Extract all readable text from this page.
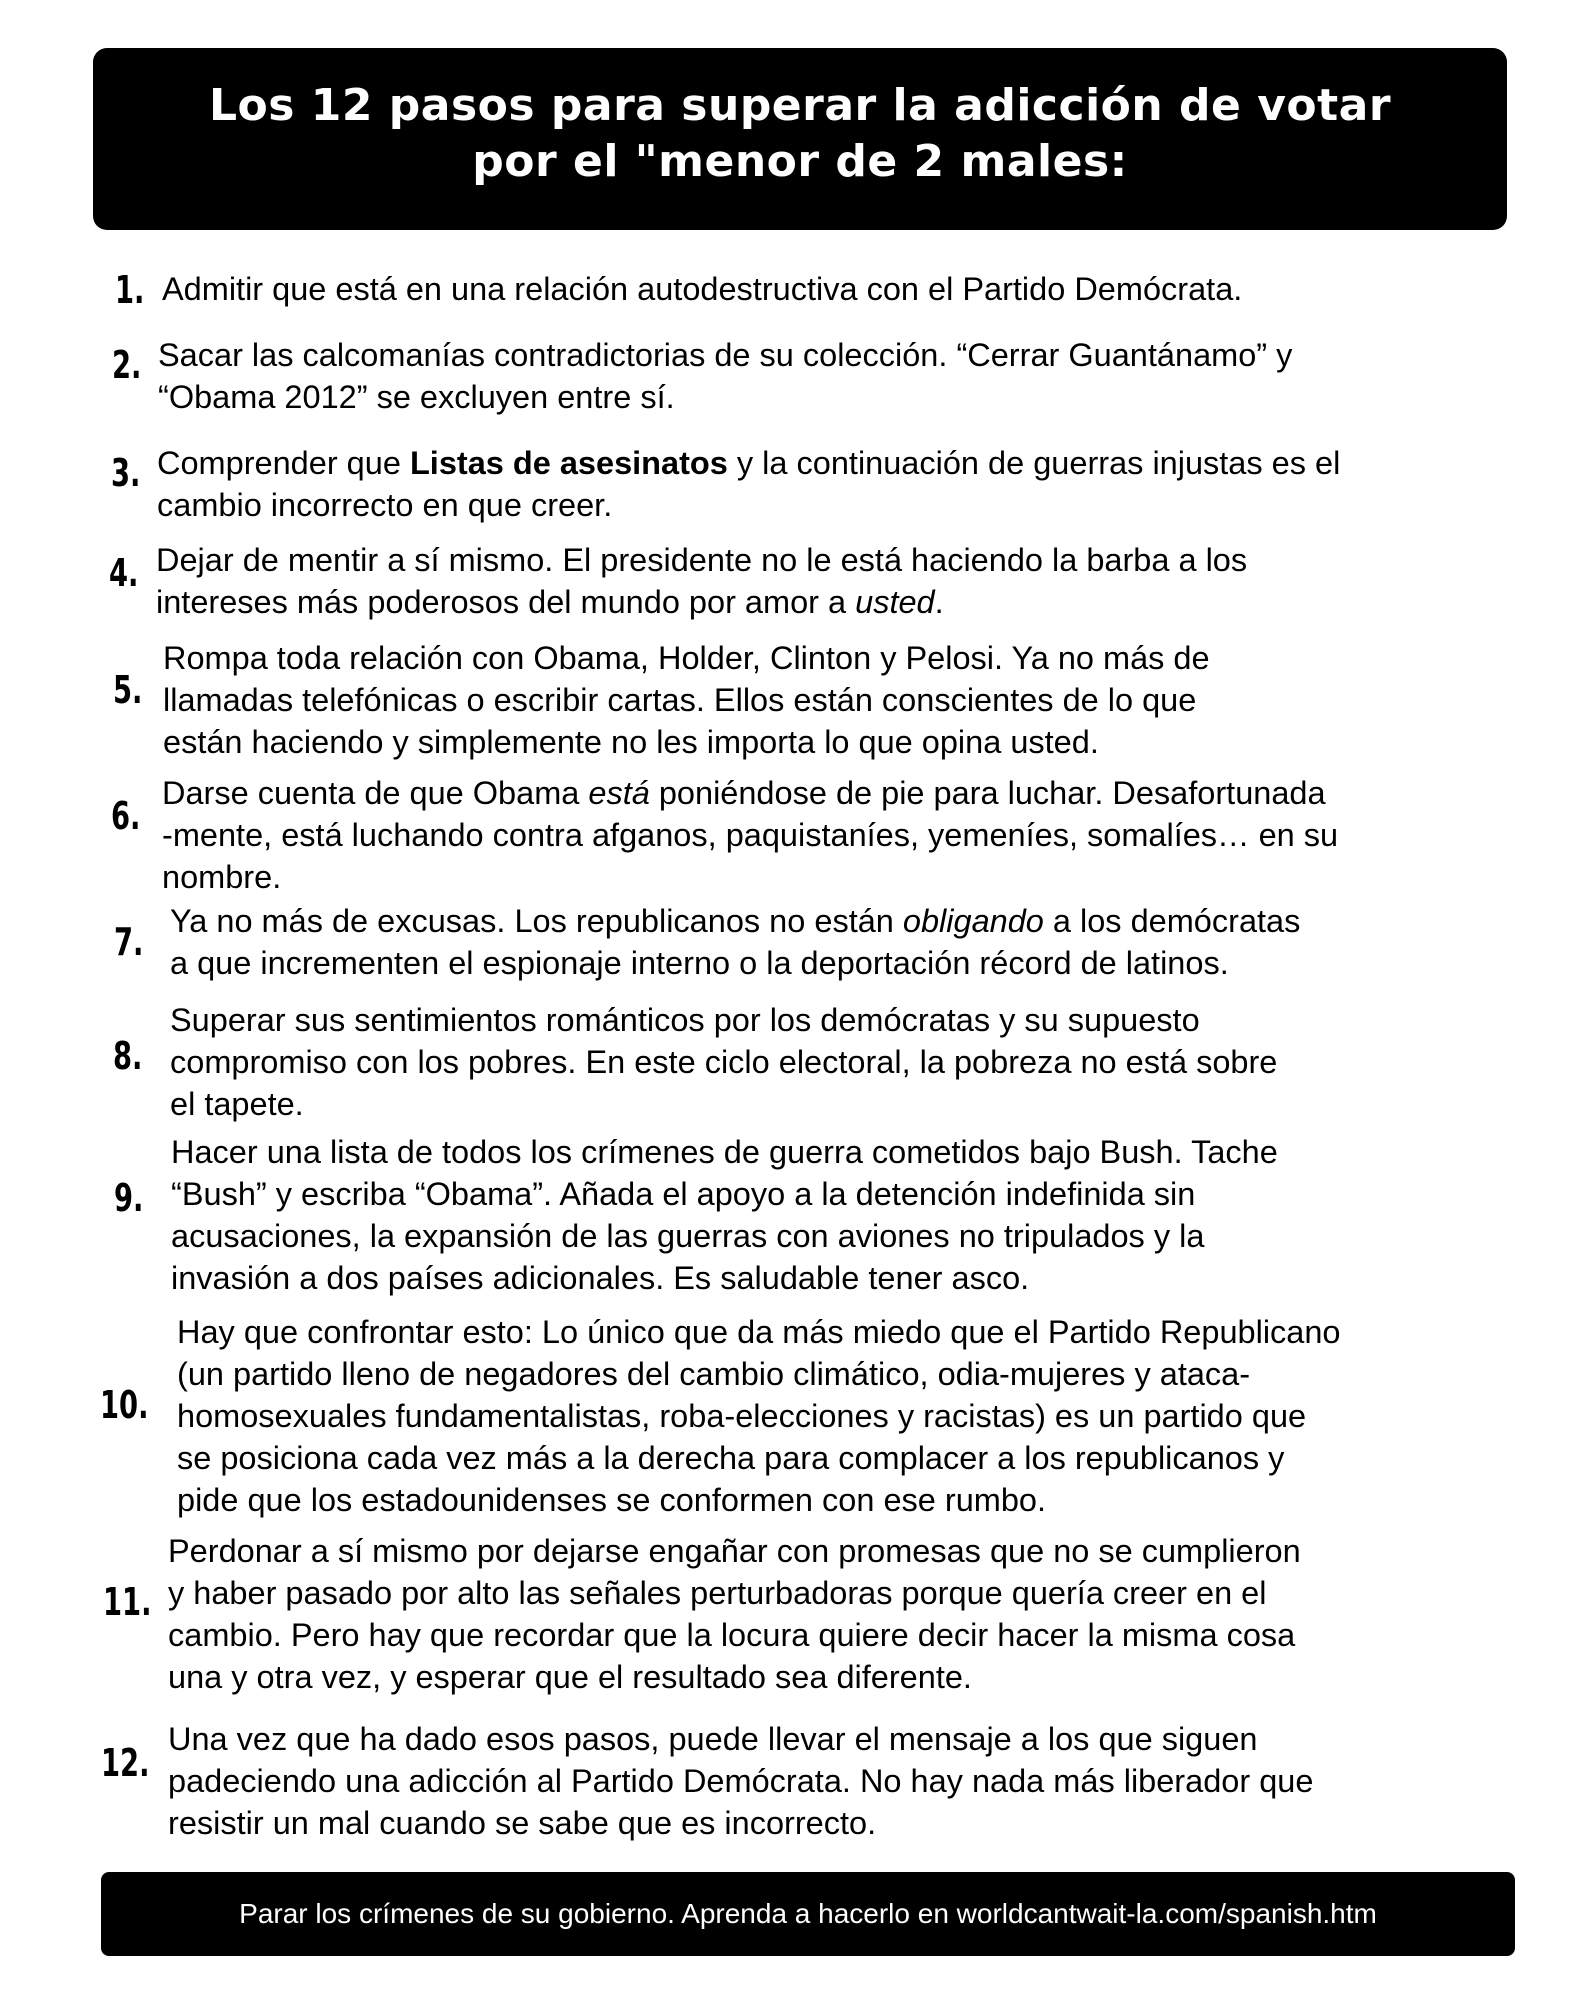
Los 12 pasos para superar la adicción de votar
por el "menor de 2 males:
1. Admitir que está en una relación autodestructiva con el Partido Demócrata.
2. Sacar las calcomanías contradictorias de su colección. “Cerrar Guantánamo” y
“Obama 2012” se excluyen entre sí.
3. Comprender que Listas de asesinatos y la continuación de guerras injustas es el
cambio incorrecto en que creer.
4. Dejar de mentir a sí mismo. El presidente no le está haciendo la barba a los
intereses más poderosos del mundo por amor a usted.
5.
Rompa toda relación con Obama, Holder, Clinton y Pelosi. Ya no más de
llamadas telefónicas o escribir cartas. Ellos están conscientes de lo que
están haciendo y simplemente no les importa lo que opina usted.
6.
Darse cuenta de que Obama está poniéndose de pie para luchar. Desafortunada
-mente, está luchando contra afganos, paquistaníes, yemeníes, somalíes… en su
nombre.
7. Ya no más de excusas. Los republicanos no están obligando a los demócratas
a que incrementen el espionaje interno o la deportación récord de latinos.
8.
Superar sus sentimientos románticos por los demócratas y su supuesto
compromiso con los pobres. En este ciclo electoral, la pobreza no está sobre
el tapete.
9.
Hacer una lista de todos los crímenes de guerra cometidos bajo Bush. Tache
“Bush” y escriba “Obama”. Añada el apoyo a la detención indefinida sin
acusaciones, la expansión de las guerras con aviones no tripulados y la
invasión a dos países adicionales. Es saludable tener asco.
10.
Hay que confrontar esto: Lo único que da más miedo que el Partido Republicano
(un partido lleno de negadores del cambio climático, odia-mujeres y ataca-
homosexuales fundamentalistas, roba-elecciones y racistas) es un partido que
se posiciona cada vez más a la derecha para complacer a los republicanos y
pide que los estadounidenses se conformen con ese rumbo.
11.
Perdonar a sí mismo por dejarse engañar con promesas que no se cumplieron
y haber pasado por alto las señales perturbadoras porque quería creer en el
cambio. Pero hay que recordar que la locura quiere decir hacer la misma cosa
una y otra vez, y esperar que el resultado sea diferente.
12.
Una vez que ha dado esos pasos, puede llevar el mensaje a los que siguen
padeciendo una adicción al Partido Demócrata. No hay nada más liberador que
resistir un mal cuando se sabe que es incorrecto.
Parar los crímenes de su gobierno. Aprenda a hacerlo en worldcantwait-la.com/spanish.htm
